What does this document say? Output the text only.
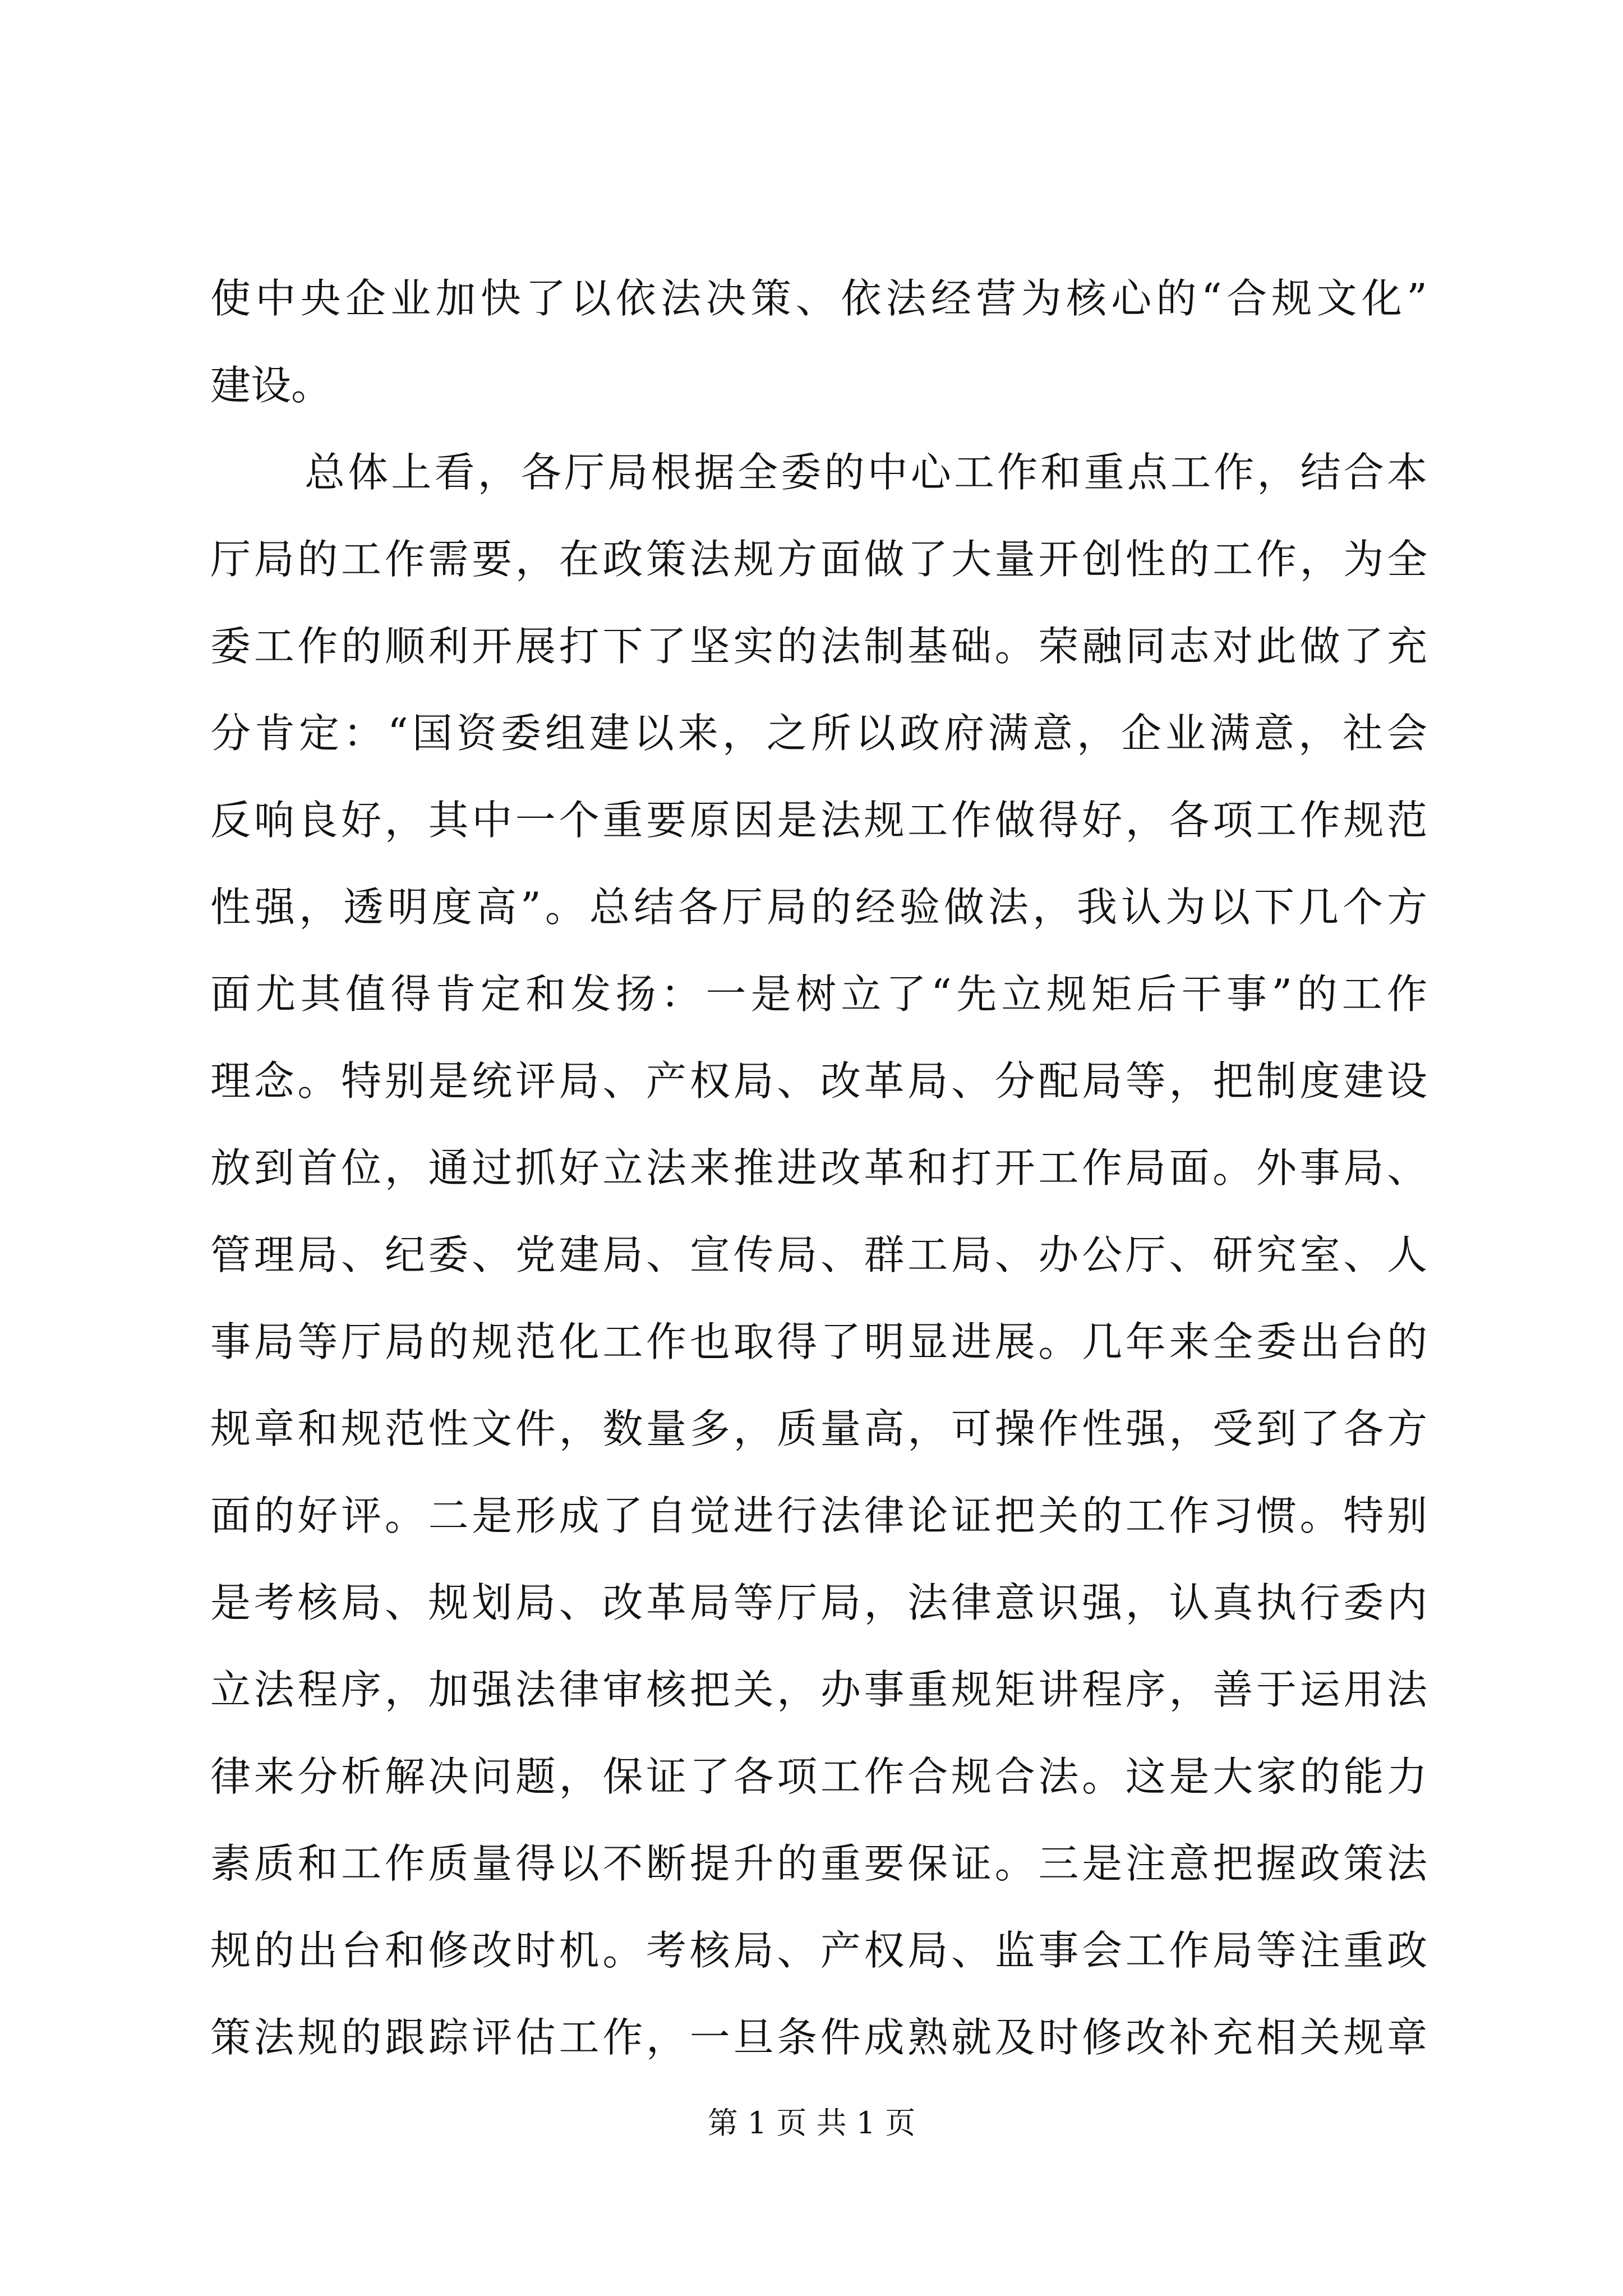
使中央企业加快了以依法决策、依法经营为核心的“合规文化”
建设。
总体上看，各厅局根据全委的中心工作和重点工作，结合本
厅局的工作需要，在政策法规方面做了大量开创性的工作，为全
委工作的顺利开展打下了坚实的法制基础。荣融同志对此做了充
分肯定：“国资委组建以来，之所以政府满意，企业满意，社会
反响良好，其中一个重要原因是法规工作做得好，各项工作规范
性强，透明度高”。总结各厅局的经验做法，我认为以下几个方
面尤其值得肯定和发扬：一是树立了“先立规矩后干事”的工作
理念。特别是统评局、产权局、改革局、分配局等，把制度建设
放到首位，通过抓好立法来推进改革和打开工作局面。外事局、
管理局、纪委、党建局、宣传局、群工局、办公厅、研究室、人
事局等厅局的规范化工作也取得了明显进展。几年来全委出台的
规章和规范性文件，数量多，质量高，可操作性强，受到了各方
面的好评。二是形成了自觉进行法律论证把关的工作习惯。特别
是考核局、规划局、改革局等厅局，法律意识强，认真执行委内
立法程序，加强法律审核把关，办事重规矩讲程序，善于运用法
律来分析解决问题，保证了各项工作合规合法。这是大家的能力
素质和工作质量得以不断提升的重要保证。三是注意把握政策法
规的出台和修改时机。考核局、产权局、监事会工作局等注重政
策法规的跟踪评估工作，一旦条件成熟就及时修改补充相关规章
第 1 页 共 1 页
